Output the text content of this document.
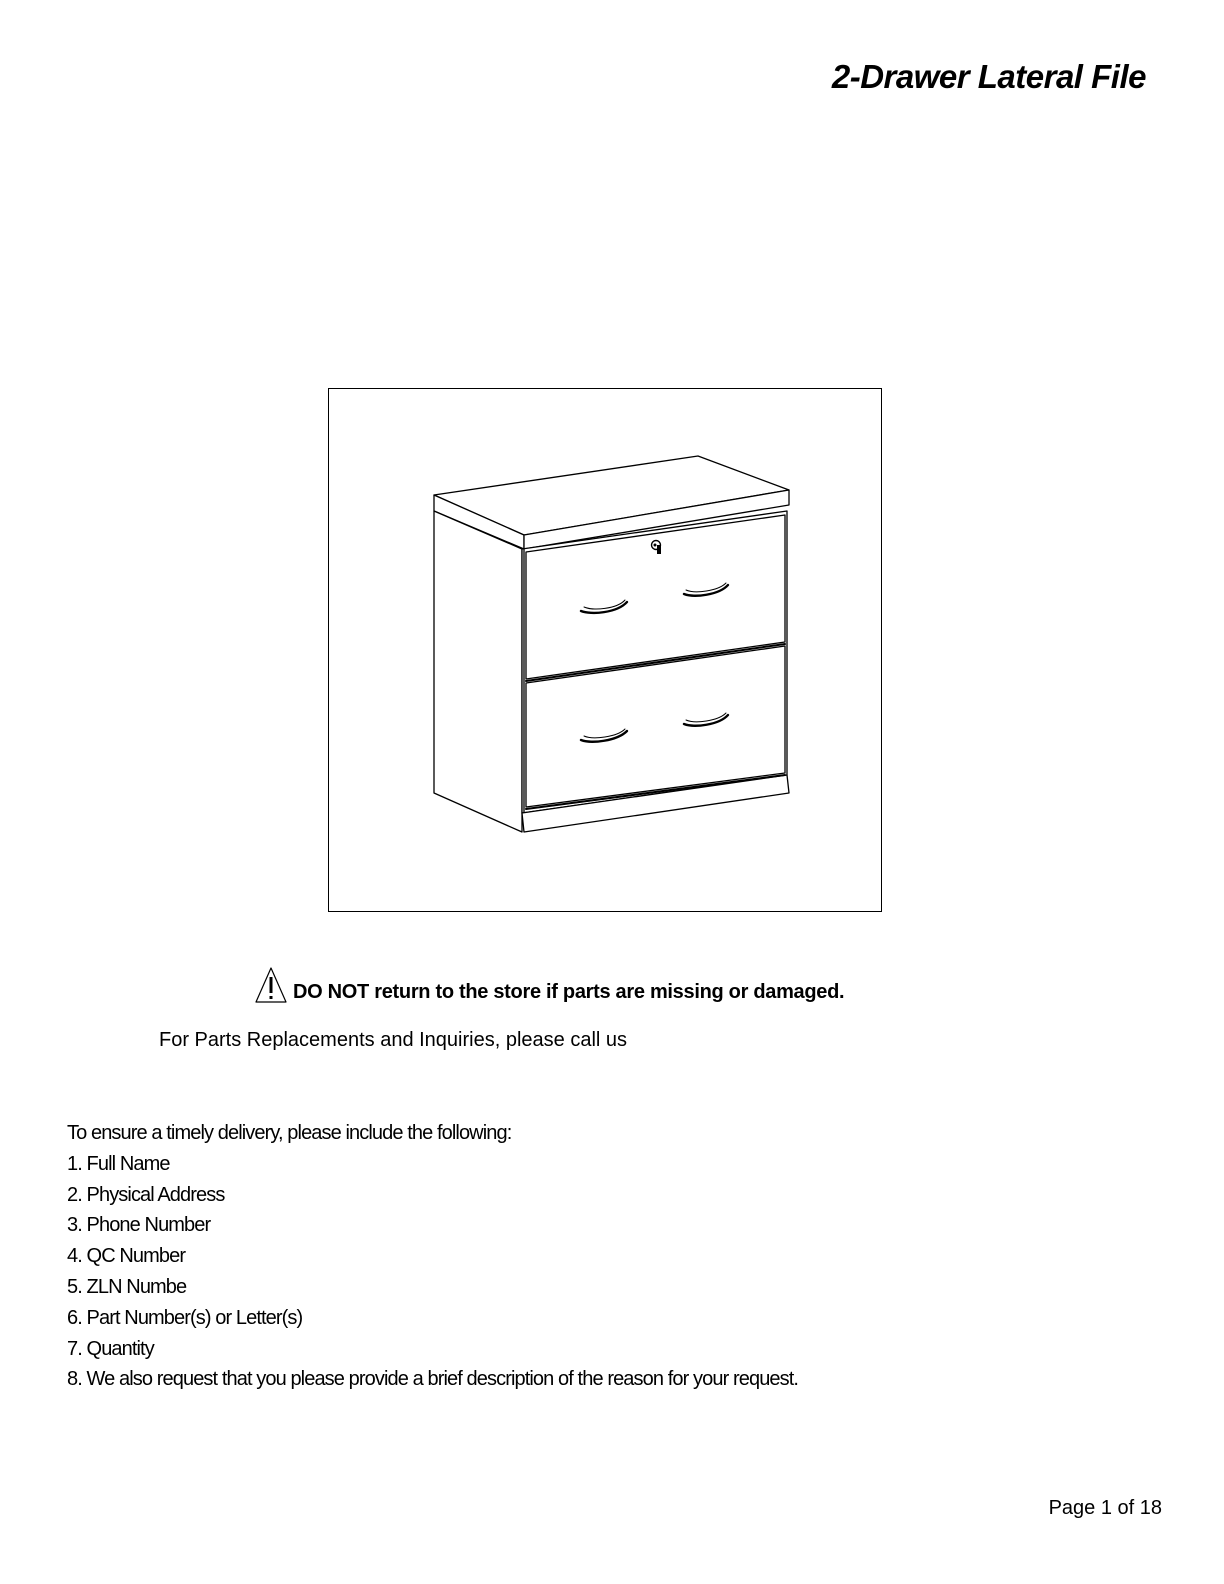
2-Drawer Lateral File
DO NOT return to the store if parts are missing or damaged.
For Parts Replacements and Inquiries, please call us
To ensure a timely delivery, please include the following:
1. Full Name
2. Physical Address
3. Phone Number
4. QC Number
5. ZLN Numbe
6. Part Number(s) or Letter(s)
7. Quantity
8. We also request that you please provide a brief description of the reason for your request.
Page 1 of 18
